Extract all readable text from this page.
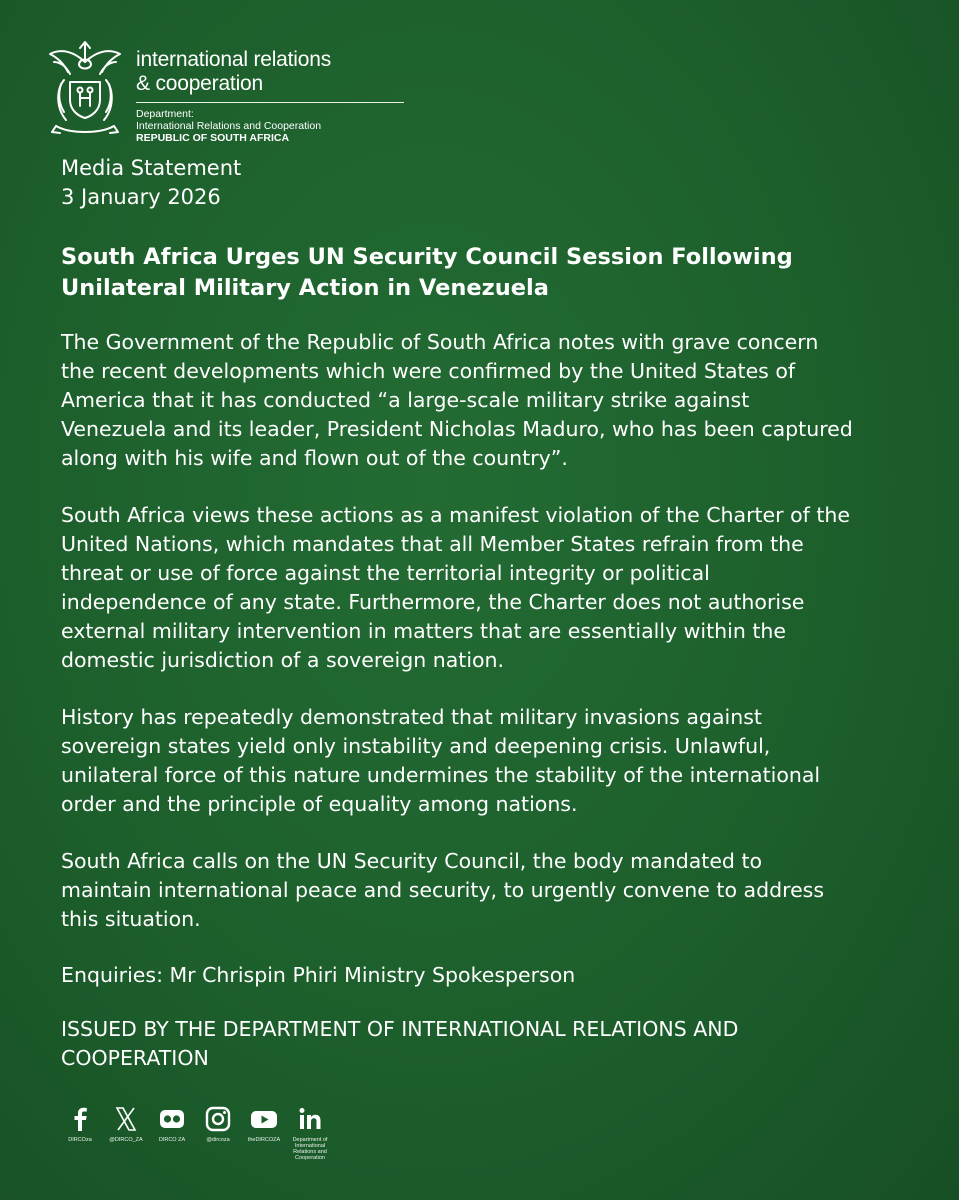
international relations
& cooperation
Department:
International Relations and Cooperation
REPUBLIC OF SOUTH AFRICA
Media Statement
3 January 2026
South Africa Urges UN Security Council Session Following
Unilateral Military Action in Venezuela
The Government of the Republic of South Africa notes with grave concern
the recent developments which were confirmed by the United States of
America that it has conducted “a large-scale military strike against
Venezuela and its leader, President Nicholas Maduro, who has been captured
along with his wife and flown out of the country”.
South Africa views these actions as a manifest violation of the Charter of the
United Nations, which mandates that all Member States refrain from the
threat or use of force against the territorial integrity or political
independence of any state. Furthermore, the Charter does not authorise
external military intervention in matters that are essentially within the
domestic jurisdiction of a sovereign nation.
History has repeatedly demonstrated that military invasions against
sovereign states yield only instability and deepening crisis. Unlawful,
unilateral force of this nature undermines the stability of the international
order and the principle of equality among nations.
South Africa calls on the UN Security Council, the body mandated to
maintain international peace and security, to urgently convene to address
this situation.
Enquiries: Mr Chrispin Phiri Ministry Spokesperson
ISSUED BY THE DEPARTMENT OF INTERNATIONAL RELATIONS AND
COOPERATION
DIRCOza	@DIRCO_ZA	DIRCO ZA	@dircoza	theDIRCOZA	Department of International Relations and Cooperation
